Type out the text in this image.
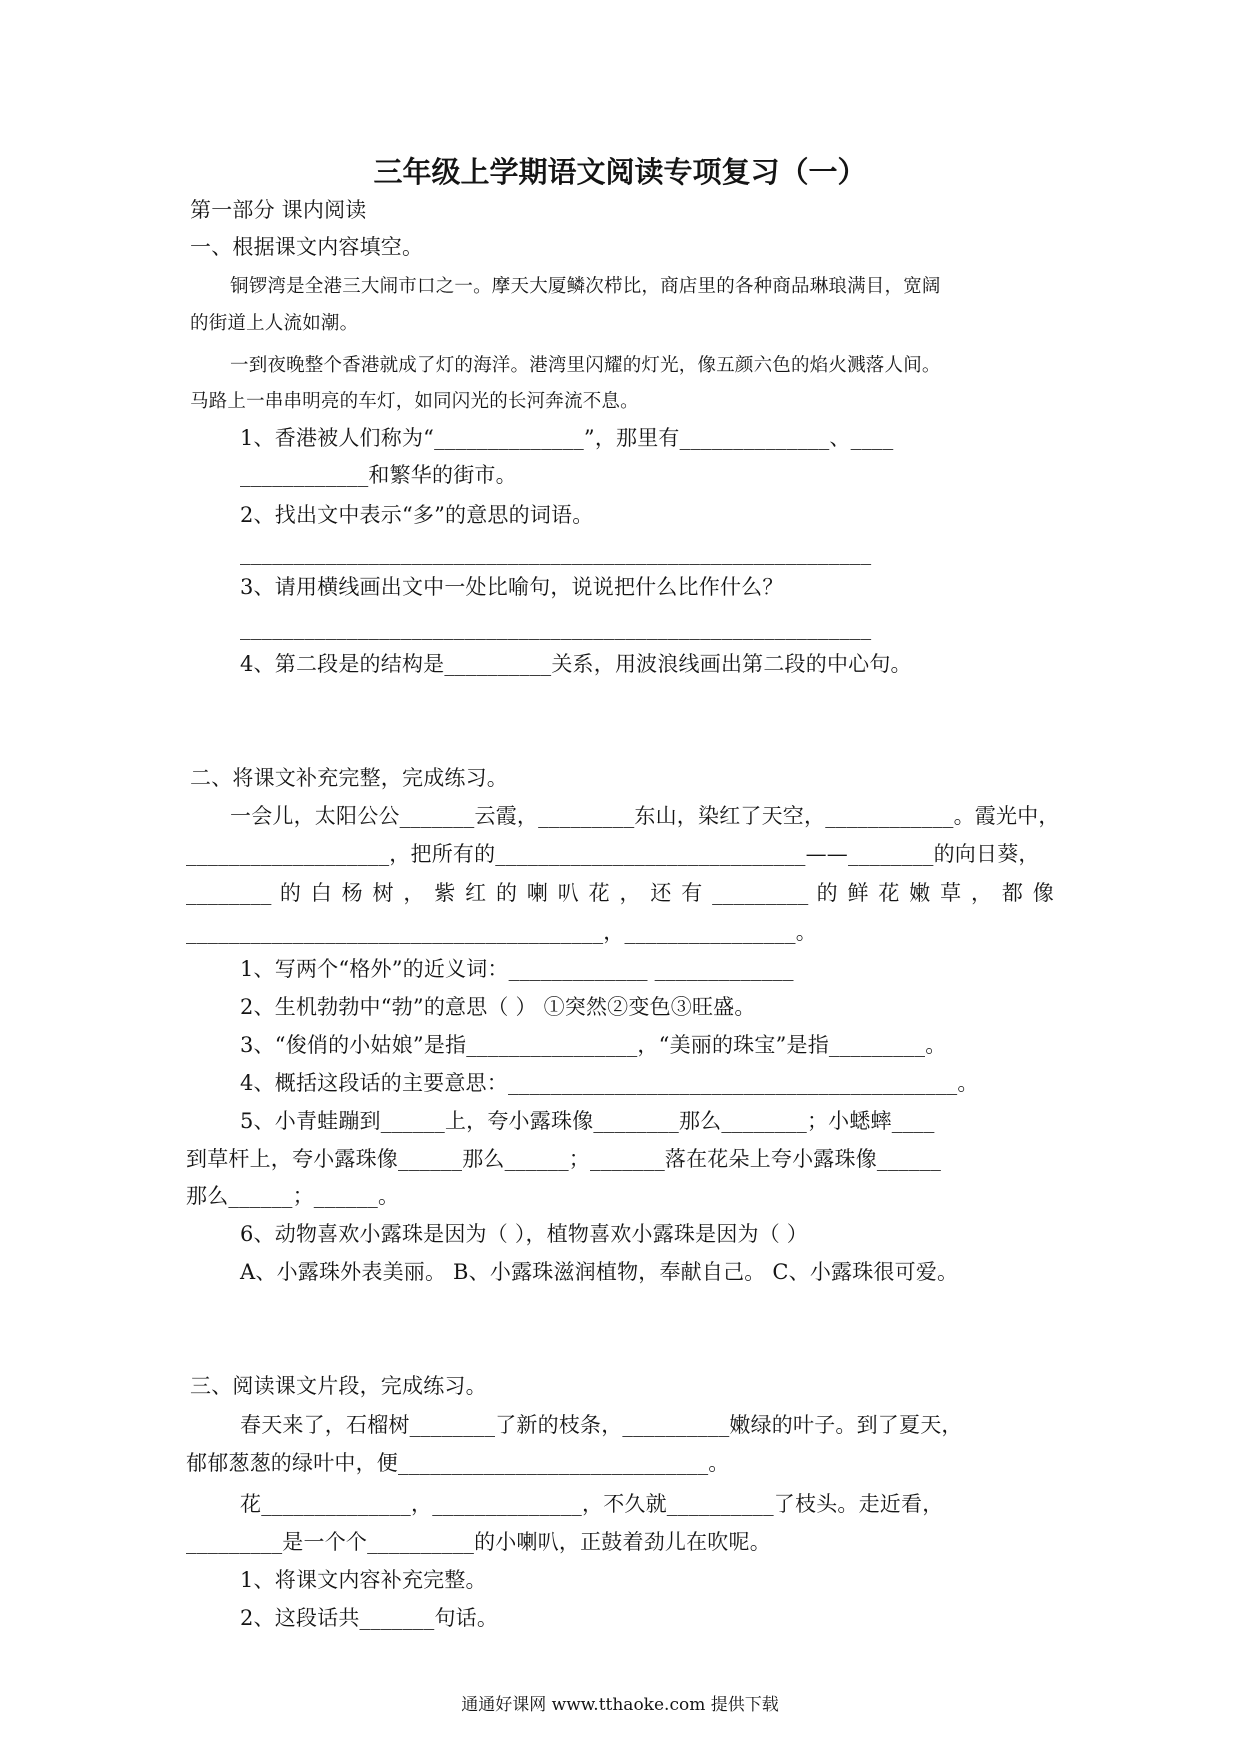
三年级上学期语文阅读专项复习（一）
第一部分 课内阅读
一、根据课文内容填空。
铜锣湾是全港三大闹市口之一。摩天大厦鳞次栉比，商店里的各种商品琳琅满目，宽阔
的街道上人流如潮。
一到夜晚整个香港就成了灯的海洋。港湾里闪耀的灯光，像五颜六色的焰火溅落人间。
马路上一串串明亮的车灯，如同闪光的长河奔流不息。
1、香港被人们称为“______________”，那里有______________、____
____________和繁华的街市。
2、找出文中表示“多”的意思的词语。
___________________________________________________________
3、请用横线画出文中一处比喻句，说说把什么比作什么？
___________________________________________________________
4、第二段是的结构是__________关系，用波浪线画出第二段的中心句。
二、将课文补充完整，完成练习。
一会儿，太阳公公_______云霞，_________东山，染红了天空，____________。霞光中，
___________________，把所有的_____________________________——________的向日葵，
________ 的 白 杨 树 ， 紫 红 的 喇 叭 花 ， 还 有 _________ 的 鲜 花 嫩 草 ， 都 像
_______________________________________，________________。
1、写两个“格外”的近义词：_____________ _____________
2、生机勃勃中“勃”的意思（ ） ①突然②变色③旺盛。
3、“俊俏的小姑娘”是指________________，“美丽的珠宝”是指_________。
4、概括这段话的主要意思：__________________________________________。
5、小青蛙蹦到______上，夸小露珠像________那么________；小蟋蟀____
到草杆上，夸小露珠像______那么______；_______落在花朵上夸小露珠像______
那么______；______。
6、动物喜欢小露珠是因为（ ），植物喜欢小露珠是因为（ ）
A、小露珠外表美丽。 B、小露珠滋润植物，奉献自己。 C、小露珠很可爱。
三、阅读课文片段，完成练习。
春天来了，石榴树________了新的枝条，__________嫩绿的叶子。到了夏天，
郁郁葱葱的绿叶中，便_____________________________。
花______________，______________，不久就__________了枝头。走近看，
_________是一个个__________的小喇叭，正鼓着劲儿在吹呢。
1、将课文内容补充完整。
2、这段话共_______句话。
通通好课网 www.tthaoke.com 提供下载
